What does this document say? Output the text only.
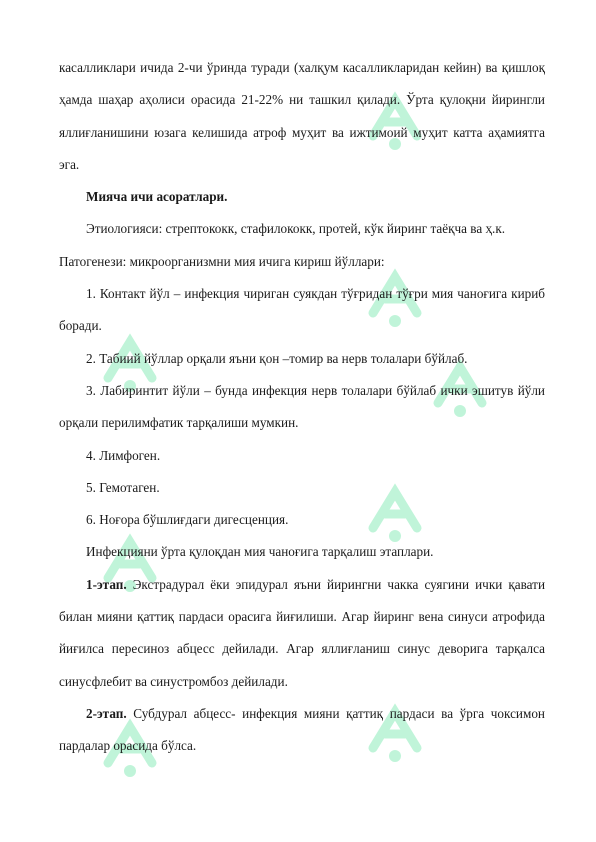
касалликлари ичида 2-чи ўринда туради (халқум касалликларидан кейин) ва қишлоқ ҳамда шаҳар аҳолиси орасида 21-22% ни ташкил қилади. Ўрта қулоқни йирингли яллиғланишини юзага келишида атроф муҳит ва ижтимоий муҳит катта аҳамиятга эга.

Мияча ичи асоратлари.

Этиологияси: стрептококк, стафилококк, протей, кўк йиринг таёқча ва ҳ.к.

Патогенези: микроорганизмни мия ичига кириш йўллари:

1. Контакт йўл – инфекция чириган суякдан тўғридан тўғри мия чаноғига кириб боради.

2. Табиий йўллар орқали яъни қон –томир ва нерв толалари бўйлаб.

3. Лабиринтит йўли – бунда инфекция нерв толалари бўйлаб ички эшитув йўли орқали перилимфатик тарқалиши мумкин.

4. Лимфоген.

5. Гемотаген.

6. Ноғора бўшлиғдаги дигесценция.

Инфекцияни ўрта қулоқдан мия чаноғига тарқалиш этаплари.

1-этап. Экстрадурал ёки эпидурал яъни йирингни чакка суягини ички қавати билан мияни қаттиқ пардаси орасига йиғилиши. Агар йиринг вена синуси атрофида йиғилса пересиноз абцесс дейилади. Агар яллиғланиш синус деворига тарқалса синусфлебит ва синустромбоз дейилади.

2-этап. Субдурал абцесс- инфекция мияни қаттиқ пардаси ва ўрга чоксимон пардалар орасида бўлса.
